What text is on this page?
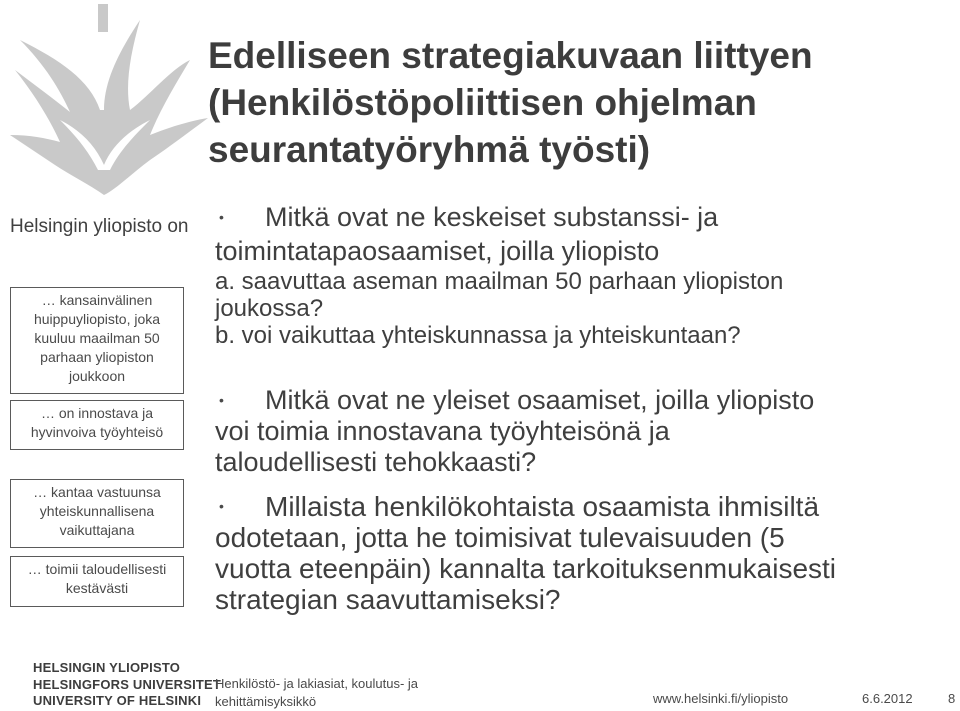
Edelliseen strategiakuvaan liittyen
(Henkilöstöpoliittisen ohjelman
seurantatyöryhmä työsti)
Helsingin yliopisto on
… kansainvälinen
huippuyliopisto, joka
kuuluu maailman 50
parhaan yliopiston
joukkoon
… on innostava ja
hyvinvoiva työyhteisö
… kantaa vastuunsa
yhteiskunnallisena
vaikuttajana
… toimii taloudellisesti
kestävästi
• Mitkä ovat ne keskeiset substanssi- ja
toimintatapaosaamiset, joilla yliopisto
a. saavuttaa aseman maailman 50 parhaan yliopiston
joukossa?
b. voi vaikuttaa yhteiskunnassa ja yhteiskuntaan?
• Mitkä ovat ne yleiset osaamiset, joilla yliopisto
voi toimia innostavana työyhteisönä ja
taloudellisesti tehokkaasti?
• Millaista henkilökohtaista osaamista ihmisiltä
odotetaan, jotta he toimisivat tulevaisuuden (5
vuotta eteenpäin) kannalta tarkoituksenmukaisesti
strategian saavuttamiseksi?
HELSINGIN YLIOPISTO
HELSINGFORS UNIVERSITET
UNIVERSITY OF HELSINKI
Henkilöstö- ja lakiasiat, koulutus- ja
kehittämisyksikkö	www.helsinki.fi/yliopisto	6.6.2012	8
